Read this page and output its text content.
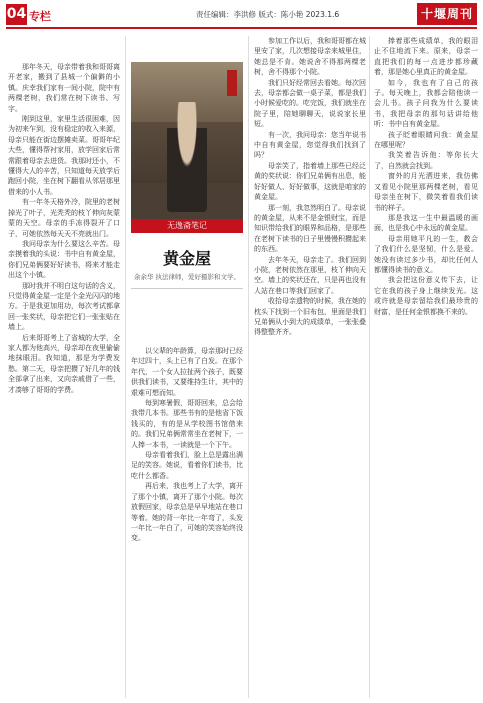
04 专栏	责任编辑：李洪修 版式：陈小艳 2023.1.6	十堰周刊

那年冬天，母亲带着我和哥哥离开老家，搬到了县城一个偏僻的小镇。庆幸我们家有一间小院，院中有两棵老树，我们常在树下读书、写字。

刚到这里，家里生活很困难，因为初来乍到，没有稳定的收入来源，母亲只能在街边摆摊卖菜。哥哥年纪大些，懂得帮衬家用，放学回家后常常跟着母亲去进货。我那时还小，不懂得大人的辛苦，只知道每天放学后跑回小院，坐在树下翻看从邻居那里借来的小人书。

有一年冬天格外冷，院里的老树掉光了叶子，光秃秃的枝丫伸向灰蒙蒙的天空。母亲的手冻得裂开了口子，可她依然每天天不亮就出门。

我问母亲为什么要这么辛苦。母亲摸着我的头说：书中自有黄金屋，你们兄弟俩要好好读书，将来才能走出这个小镇。

那时我并不明白这句话的含义，只觉得黄金屋一定是个金光闪闪的地方。于是我更加用功，每次考试都拿回一张奖状，母亲把它们一张张贴在墙上。

后来哥哥考上了省城的大学，全家人都为他高兴，母亲却在夜里偷偷地抹眼泪。我知道，那是为学费发愁。第二天，母亲把攒了好几年的钱全部拿了出来，又向亲戚借了一些，才凑够了哥哥的学费。

无逸斋笔记
黄金屋
余余华 执法律师，爱好摄影和文学。

以父辈的年龄算，母亲那时已经年过四十，头上已有了白发。在那个年代，一个女人拉扯两个孩子，既要供我们读书，又要维持生计，其中的艰难可想而知。

每到寒暑假，哥哥回来，总会给我带几本书。那些书有的是他省下饭钱买的，有的是从学校图书馆借来的。我们兄弟俩常常坐在老树下，一人捧一本书，一读就是一个下午。

母亲看着我们，脸上总是露出满足的笑容。她说，看着你们读书，比吃什么都香。

再后来，我也考上了大学，离开了那个小镇，离开了那个小院。每次放假回家，母亲总是早早地站在巷口等着。她的背一年比一年弯了，头发一年比一年白了，可她的笑容始终没变。

参加工作以后，我和哥哥都在城里安了家，几次想接母亲来城里住，她总是不肯。她说舍不得那两棵老树，舍不得那个小院。

我们只好经常回去看她。每次回去，母亲都会做一桌子菜，都是我们小时候爱吃的。吃完饭，我们就坐在院子里，陪她聊聊天，说说家长里短。

有一次，我问母亲：您当年说书中自有黄金屋，您觉得我们找到了吗？

母亲笑了，指着墙上那些已经泛黄的奖状说：你们兄弟俩有出息，能好好做人、好好做事，这就是咱家的黄金屋。

那一刻，我忽然明白了。母亲说的黄金屋，从来不是金银财宝，而是知识带给我们的眼界和品格，是那些在老树下读书的日子里慢慢积攒起来的东西。

去年冬天，母亲走了。我们回到小院，老树依然在那里，枝丫伸向天空。墙上的奖状还在，只是再也没有人站在巷口等我们回家了。

收拾母亲遗物的时候，我在她的枕头下找到一个旧布包，里面是我们兄弟俩从小到大的成绩单，一张张叠得整整齐齐。

捧着那些成绩单，我的眼泪止不住地流下来。原来，母亲一直把我们的每一点进步都珍藏着，那是她心里真正的黄金屋。

如今，我也有了自己的孩子。每天晚上，我都会陪他读一会儿书。孩子问我为什么要读书，我把母亲的那句话讲给他听：书中自有黄金屋。

孩子眨着眼睛问我：黄金屋在哪里呢？

我笑着告诉他：等你长大了，自然就会找到。

窗外的月光洒进来，我仿佛又看见小院里那两棵老树，看见母亲坐在树下，微笑着看我们读书的样子。

那是我这一生中最温暖的画面，也是我心中永远的黄金屋。

母亲用她平凡的一生，教会了我们什么是坚韧，什么是爱。她没有读过多少书，却比任何人都懂得读书的意义。

我会把这份意义传下去，让它在我的孩子身上继续发光。这或许就是母亲留给我们最珍贵的财富，是任何金银都换不来的。
